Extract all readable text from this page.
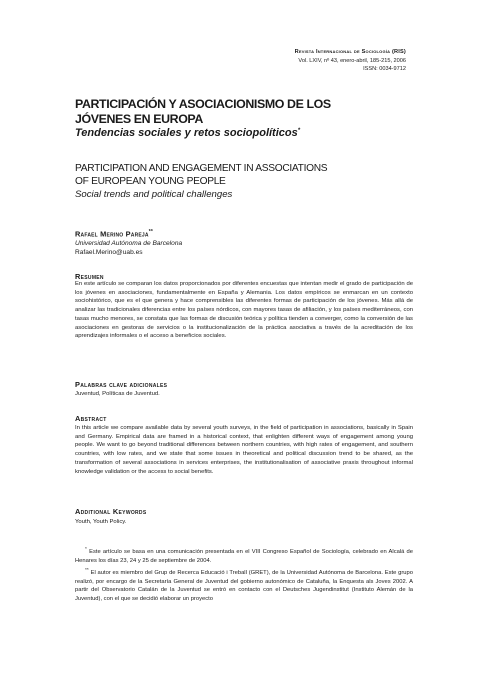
Revista Internacional de Sociología (RIS)
Vol. LXIV, nº 43, enero-abril, 185-215, 2006
ISSN: 0034-9712
PARTICIPACIÓN Y ASOCIACIONISMO DE LOS
JÓVENES EN EUROPA
Tendencias sociales y retos sociopolíticos*
PARTICIPATION AND ENGAGEMENT IN ASSOCIATIONS
OF EUROPEAN YOUNG PEOPLE
Social trends and political challenges
Rafael Merino Pareja**
Universidad Autónoma de Barcelona
Rafael.Merino@uab.es
Resumen
En este artículo se comparan los datos proporcionados por diferentes encuestas que intentan medir el grado de participación de los jóvenes en asociaciones, fundamentalmente en España y Alemania. Los datos empíricos se enmarcan en un contexto sociohistórico, que es el que genera y hace comprensibles las diferentes formas de participación de los jóvenes. Más allá de analizar las tradicionales diferencias entre los países nórdicos, con mayores tasas de afiliación, y los países mediterráneos, con tasas mucho menores, se constata que las formas de discusión teórica y política tienden a converger, como la conversión de las asociaciones en gestoras de servicios o la institucionalización de la práctica asociativa a través de la acreditación de los aprendizajes informales o el acceso a beneficios sociales.
Palabras clave adicionales
Juventud, Políticas de Juventud.
Abstract
In this article we compare available data by several youth surveys, in the field of participation in associations, basically in Spain and Germany. Empirical data are framed in a historical context, that enlighten different ways of engagement among young people. We want to go beyond traditional differences between northern countries, with high rates of engagement, and southern countries, with low rates, and we state that some issues in theoretical and political discussion trend to be shared, as the transformation of several associations in services enterprises, the institutionalisation of associative praxis throughout informal knowledge validation or the access to social benefits.
Additional Keywords
Youth, Youth Policy.
* Este artículo se basa en una comunicación presentada en el VIII Congreso Español de Sociología, celebrado en Alcalá de Henares los días 23, 24 y 25 de septiembre de 2004.
** El autor es miembro del Grup de Recerca Educació i Treball (GRET), de la Universidad Autónoma de Barcelona. Este grupo realizó, por encargo de la Secretaría General de Juventud del gobierno autonómico de Cataluña, la Enquesta als Joves 2002. A partir del Observatorio Catalán de la Juventud se entró en contacto con el Deutsches Jugendinstitut (Instituto Alemán de la Juventud), con el que se decidió elaborar un proyecto
